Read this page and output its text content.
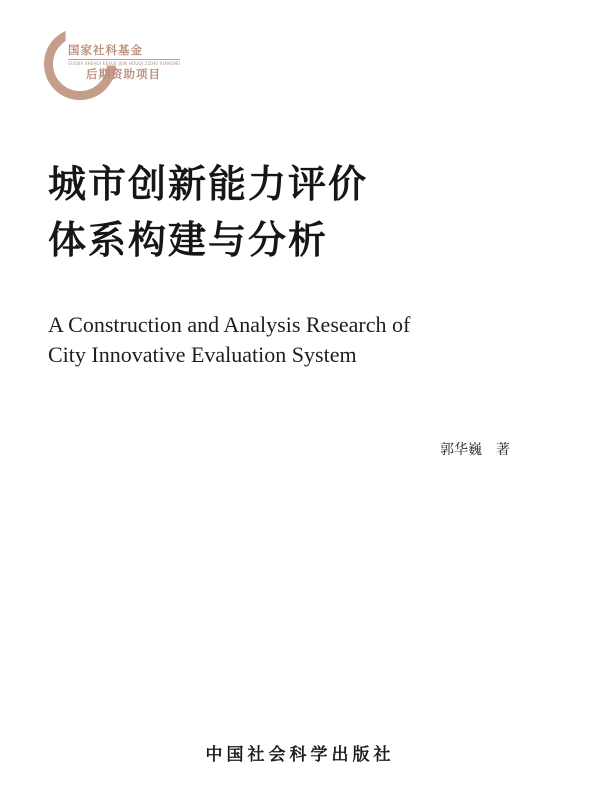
国家社科基金
GUOJIA SHEHUI KEXUE JIJIN HOUQI ZIZHU XIANGMU
后期资助项目
城市创新能力评价
体系构建与分析
A Construction and Analysis Research of
City Innovative Evaluation System
郭华巍 著
中国社会科学出版社
